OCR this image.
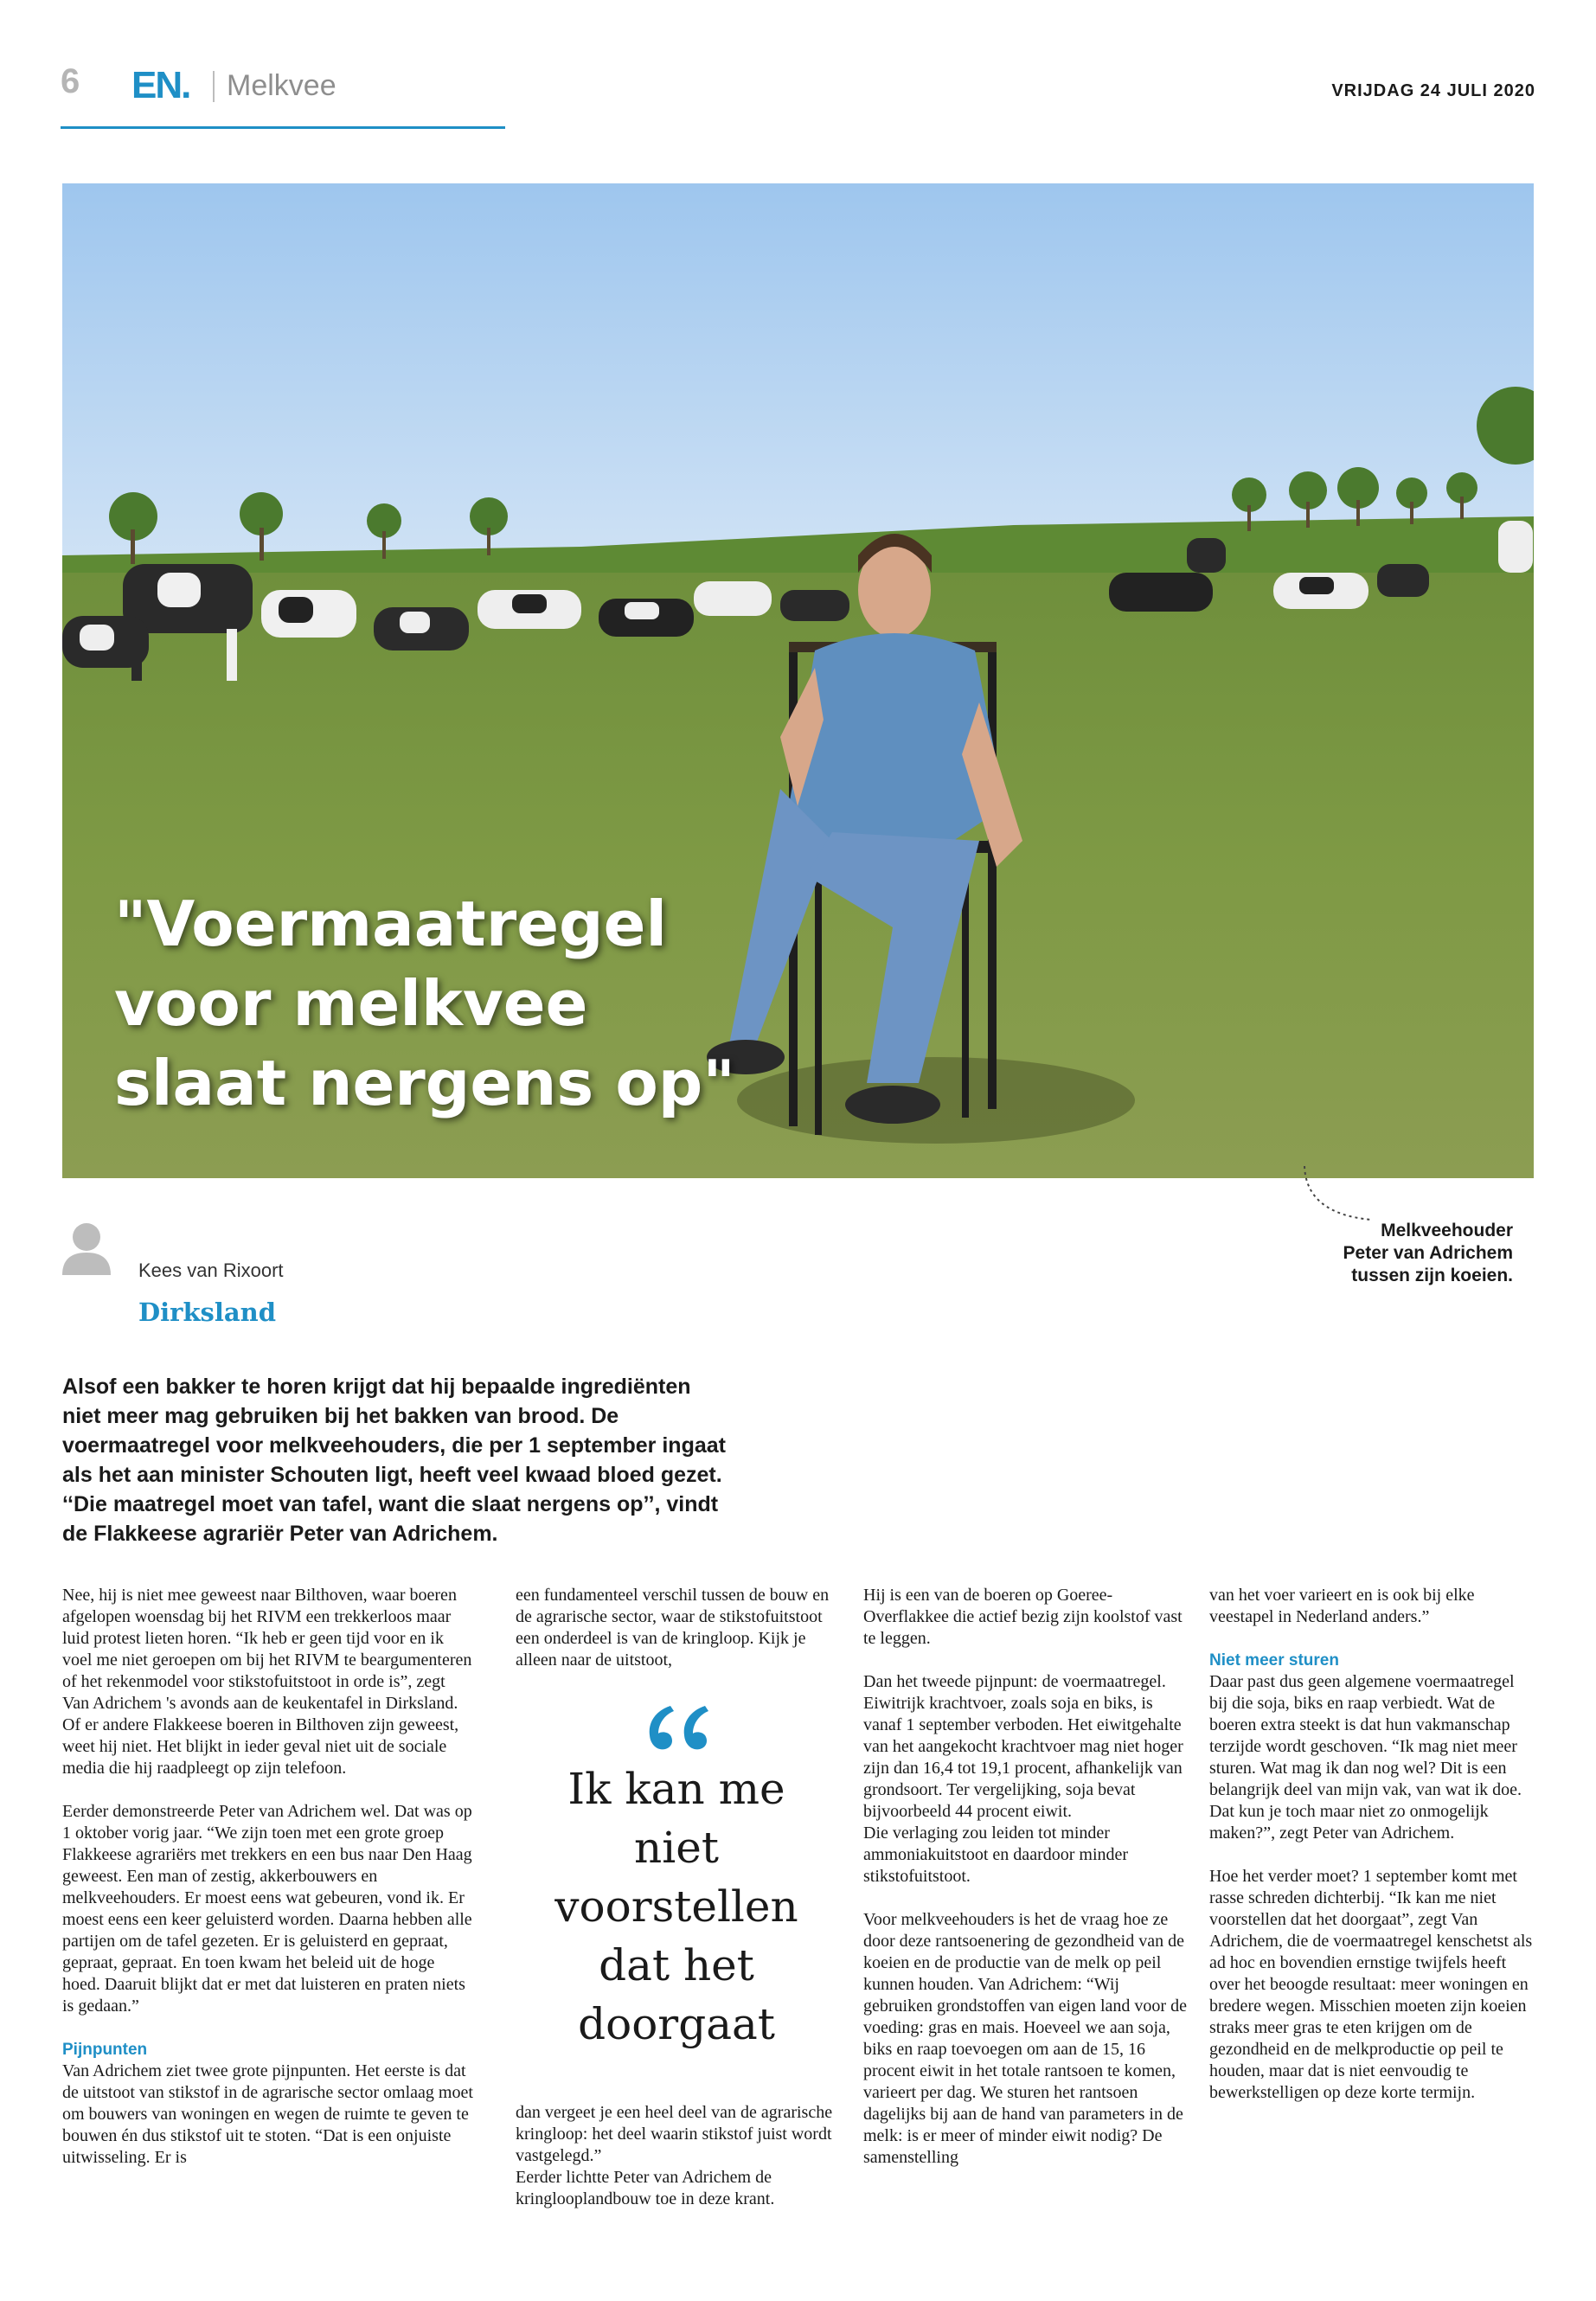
6 EN. Melkvee	VRIJDAG 24 JULI 2020
"Voermaatregel
voor melkvee
slaat nergens op"

Melkveehouder
Peter van Adrichem
tussen zijn koeien.

Kees van Rixoort
Dirksland

Alsof een bakker te horen krijgt dat hij bepaalde ingrediënten niet meer mag gebruiken bij het bakken van brood. De voermaatregel voor melkveehouders, die per 1 september ingaat als het aan minister Schouten ligt, heeft veel kwaad bloed gezet. ‘‘Die maatregel moet van tafel, want die slaat nergens op’’, vindt de Flakkeese agrariër Peter van Adrichem.

Nee, hij is niet mee geweest naar Bilthoven, waar boeren afgelopen woensdag bij het RIVM een trekkerloos maar luid protest lieten horen. “Ik heb er geen tijd voor en ik voel me niet geroepen om bij het RIVM te beargumenteren of het rekenmodel voor stikstofuitstoot in orde is”, zegt Van Adrichem 's avonds aan de keukentafel in Dirksland. Of er andere Flakkeese boeren in Bilthoven zijn geweest, weet hij niet. Het blijkt in ieder geval niet uit de sociale media die hij raadpleegt op zijn telefoon.

Eerder demonstreerde Peter van Adrichem wel. Dat was op 1 oktober vorig jaar. “We zijn toen met een grote groep Flakkeese agrariërs met trekkers en een bus naar Den Haag geweest. Een man of zestig, akkerbouwers en melkveehouders. Er moest eens wat gebeuren, vond ik. Er moest eens een keer geluisterd worden. Daarna hebben alle partijen om de tafel gezeten. Er is geluisterd en gepraat, gepraat, gepraat. En toen kwam het beleid uit de hoge hoed. Daaruit blijkt dat er met dat luisteren en praten niets is gedaan.”

Pijnpunten

Van Adrichem ziet twee grote pijnpunten. Het eerste is dat de uitstoot van stikstof in de agrarische sector omlaag moet om bouwers van woningen en wegen de ruimte te geven te bouwen én dus stikstof uit te stoten. “Dat is een onjuiste uitwisseling. Er is

een fundamenteel verschil tussen de bouw en de agrarische sector, waar de stikstofuitstoot een onderdeel is van de kringloop. Kijk je alleen naar de uitstoot,

Ik kan me niet voorstellen dat het doorgaat

dan vergeet je een heel deel van de agrarische kringloop: het deel waarin stikstof juist wordt vastgelegd.”

Eerder lichtte Peter van Adrichem de kringlooplandbouw toe in deze krant.

Hij is een van de boeren op Goeree-Overflakkee die actief bezig zijn koolstof vast te leggen.

Dan het tweede pijnpunt: de voermaatregel. Eiwitrijk krachtvoer, zoals soja en biks, is vanaf 1 september verboden. Het eiwitgehalte van het aangekocht krachtvoer mag niet hoger zijn dan 16,4 tot 19,1 procent, afhankelijk van grondsoort. Ter vergelijking, soja bevat bijvoorbeeld 44 procent eiwit.

Die verlaging zou leiden tot minder ammoniakuitstoot en daardoor minder stikstofuitstoot.

Voor melkveehouders is het de vraag hoe ze door deze rantsoenering de gezondheid van de koeien en de productie van de melk op peil kunnen houden. Van Adrichem: “Wij gebruiken grondstoffen van eigen land voor de voeding: gras en mais. Hoeveel we aan soja, biks en raap toevoegen om aan de 15, 16 procent eiwit in het totale rantsoen te komen, varieert per dag. We sturen het rantsoen dagelijks bij aan de hand van parameters in de melk: is er meer of minder eiwit nodig? De samenstelling

van het voer varieert en is ook bij elke veestapel in Nederland anders.”

Niet meer sturen

Daar past dus geen algemene voermaatregel bij die soja, biks en raap verbiedt. Wat de boeren extra steekt is dat hun vakmanschap terzijde wordt geschoven. “Ik mag niet meer sturen. Wat mag ik dan nog wel? Dit is een belangrijk deel van mijn vak, van wat ik doe. Dat kun je toch maar niet zo onmogelijk maken?”, zegt Peter van Adrichem.

Hoe het verder moet? 1 september komt met rasse schreden dichterbij. “Ik kan me niet voorstellen dat het doorgaat”, zegt Van Adrichem, die de voermaatregel kenschetst als ad hoc en bovendien ernstige twijfels heeft over het beoogde resultaat: meer woningen en bredere wegen. Misschien moeten zijn koeien straks meer gras te eten krijgen om de gezondheid en de melkproductie op peil te houden, maar dat is niet eenvoudig te bewerkstelligen op deze korte termijn.
